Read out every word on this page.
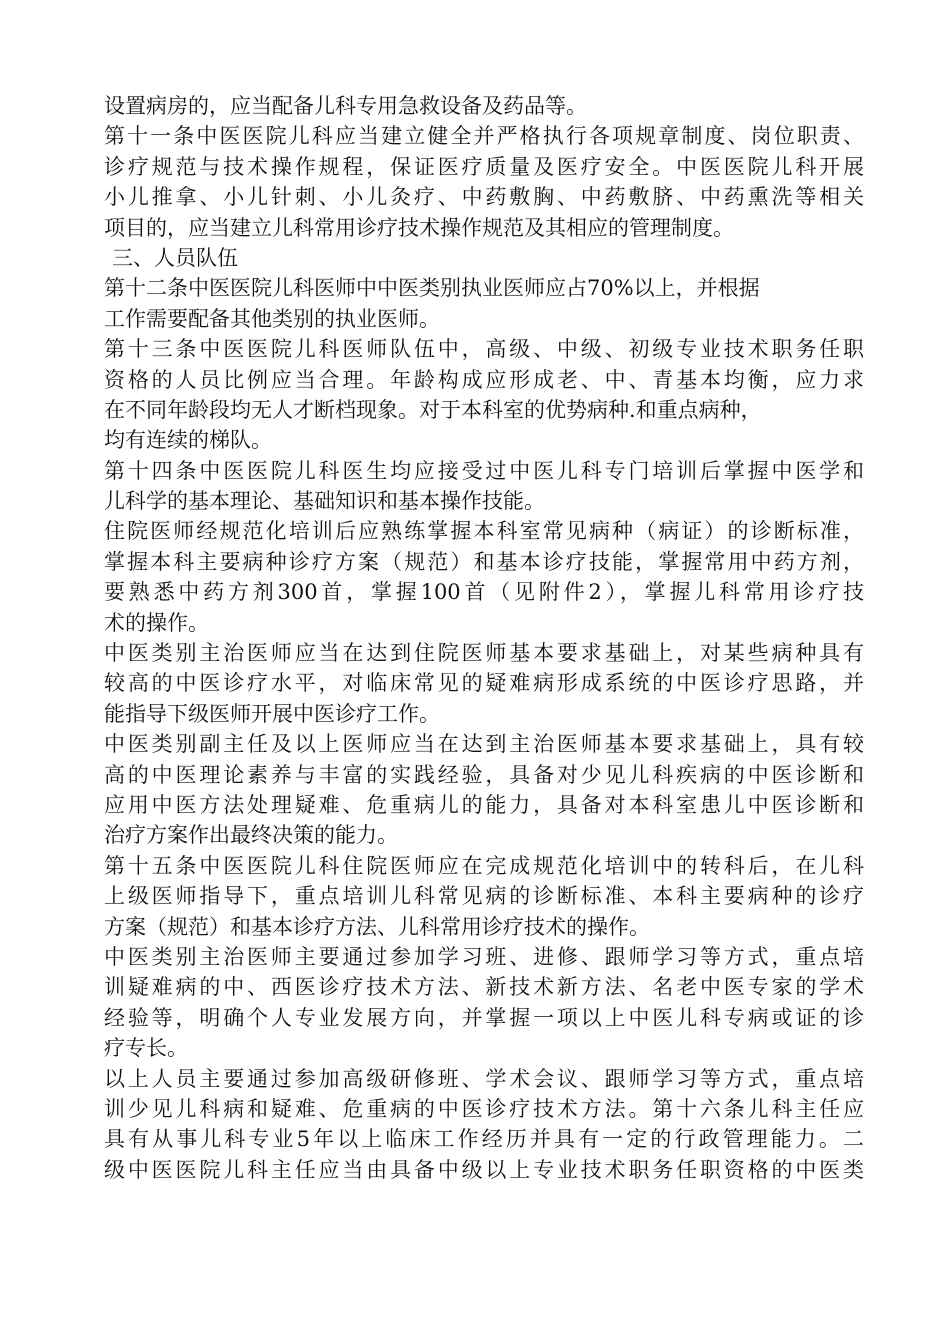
设置病房的，应当配备儿科专用急救设备及药品等。
第十一条中医医院儿科应当建立健全并严格执行各项规章制度、岗位职责、
诊疗规范与技术操作规程，保证医疗质量及医疗安全。中医医院儿科开展
小儿推拿、小儿针刺、小儿灸疗、中药敷胸、中药敷脐、中药熏洗等相关
项目的，应当建立儿科常用诊疗技术操作规范及其相应的管理制度。
三、人员队伍
第十二条中医医院儿科医师中中医类别执业医师应占70%以上，并根据
工作需要配备其他类别的执业医师。
第十三条中医医院儿科医师队伍中，高级、中级、初级专业技术职务任职
资格的人员比例应当合理。年龄构成应形成老、中、青基本均衡，应力求
在不同年龄段均无人才断档现象。对于本科室的优势病种.和重点病种，
均有连续的梯队。
第十四条中医医院儿科医生均应接受过中医儿科专门培训后掌握中医学和
儿科学的基本理论、基础知识和基本操作技能。
住院医师经规范化培训后应熟练掌握本科室常见病种（病证）的诊断标准，
掌握本科主要病种诊疗方案（规范）和基本诊疗技能，掌握常用中药方剂，
要熟悉中药方剂300首，掌握100首（见附件2），掌握儿科常用诊疗技
术的操作。
中医类别主治医师应当在达到住院医师基本要求基础上，对某些病种具有
较高的中医诊疗水平，对临床常见的疑难病形成系统的中医诊疗思路，并
能指导下级医师开展中医诊疗工作。
中医类别副主任及以上医师应当在达到主治医师基本要求基础上，具有较
高的中医理论素养与丰富的实践经验，具备对少见儿科疾病的中医诊断和
应用中医方法处理疑难、危重病儿的能力，具备对本科室患儿中医诊断和
治疗方案作出最终决策的能力。
第十五条中医医院儿科住院医师应在完成规范化培训中的转科后，在儿科
上级医师指导下，重点培训儿科常见病的诊断标准、本科主要病种的诊疗
方案（规范）和基本诊疗方法、儿科常用诊疗技术的操作。
中医类别主治医师主要通过参加学习班、进修、跟师学习等方式，重点培
训疑难病的中、西医诊疗技术方法、新技术新方法、名老中医专家的学术
经验等，明确个人专业发展方向，并掌握一项以上中医儿科专病或证的诊
疗专长。
以上人员主要通过参加高级研修班、学术会议、跟师学习等方式，重点培
训少见儿科病和疑难、危重病的中医诊疗技术方法。第十六条儿科主任应
具有从事儿科专业5年以上临床工作经历并具有一定的行政管理能力。二
级中医医院儿科主任应当由具备中级以上专业技术职务任职资格的中医类
